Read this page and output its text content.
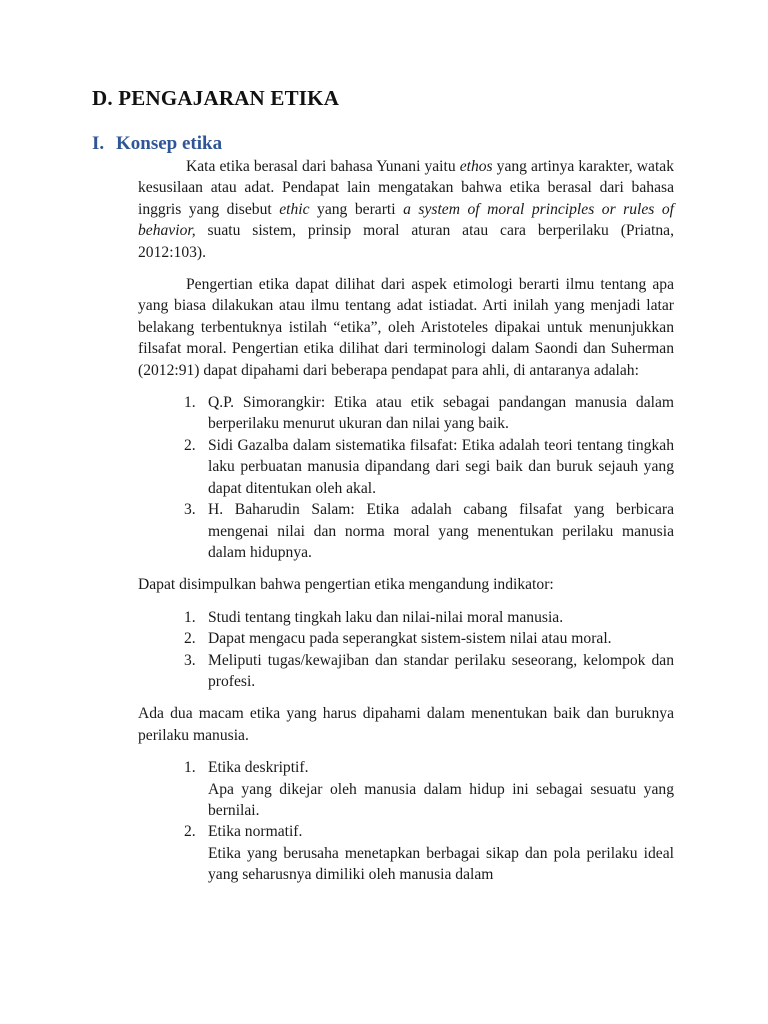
D. PENGAJARAN ETIKA
I. Konsep etika

Kata etika berasal dari bahasa Yunani yaitu ethos yang artinya karakter, watak kesusilaan atau adat. Pendapat lain mengatakan bahwa etika berasal dari bahasa inggris yang disebut ethic yang berarti a system of moral principles or rules of behavior, suatu sistem, prinsip moral aturan atau cara berperilaku (Priatna, 2012:103).

Pengertian etika dapat dilihat dari aspek etimologi berarti ilmu tentang apa yang biasa dilakukan atau ilmu tentang adat istiadat. Arti inilah yang menjadi latar belakang terbentuknya istilah “etika”, oleh Aristoteles dipakai untuk menunjukkan filsafat moral. Pengertian etika dilihat dari terminologi dalam Saondi dan Suherman (2012:91) dapat dipahami dari beberapa pendapat para ahli, di antaranya adalah:

1. Q.P. Simorangkir: Etika atau etik sebagai pandangan manusia dalam berperilaku menurut ukuran dan nilai yang baik.
2. Sidi Gazalba dalam sistematika filsafat: Etika adalah teori tentang tingkah laku perbuatan manusia dipandang dari segi baik dan buruk sejauh yang dapat ditentukan oleh akal.
3. H. Baharudin Salam: Etika adalah cabang filsafat yang berbicara mengenai nilai dan norma moral yang menentukan perilaku manusia dalam hidupnya.

Dapat disimpulkan bahwa pengertian etika mengandung indikator:

1. Studi tentang tingkah laku dan nilai-nilai moral manusia.
2. Dapat mengacu pada seperangkat sistem-sistem nilai atau moral.
3. Meliputi tugas/kewajiban dan standar perilaku seseorang, kelompok dan profesi.

Ada dua macam etika yang harus dipahami dalam menentukan baik dan buruknya perilaku manusia.

1. Etika deskriptif.
Apa yang dikejar oleh manusia dalam hidup ini sebagai sesuatu yang bernilai.
2. Etika normatif.
Etika yang berusaha menetapkan berbagai sikap dan pola perilaku ideal yang seharusnya dimiliki oleh manusia dalam
